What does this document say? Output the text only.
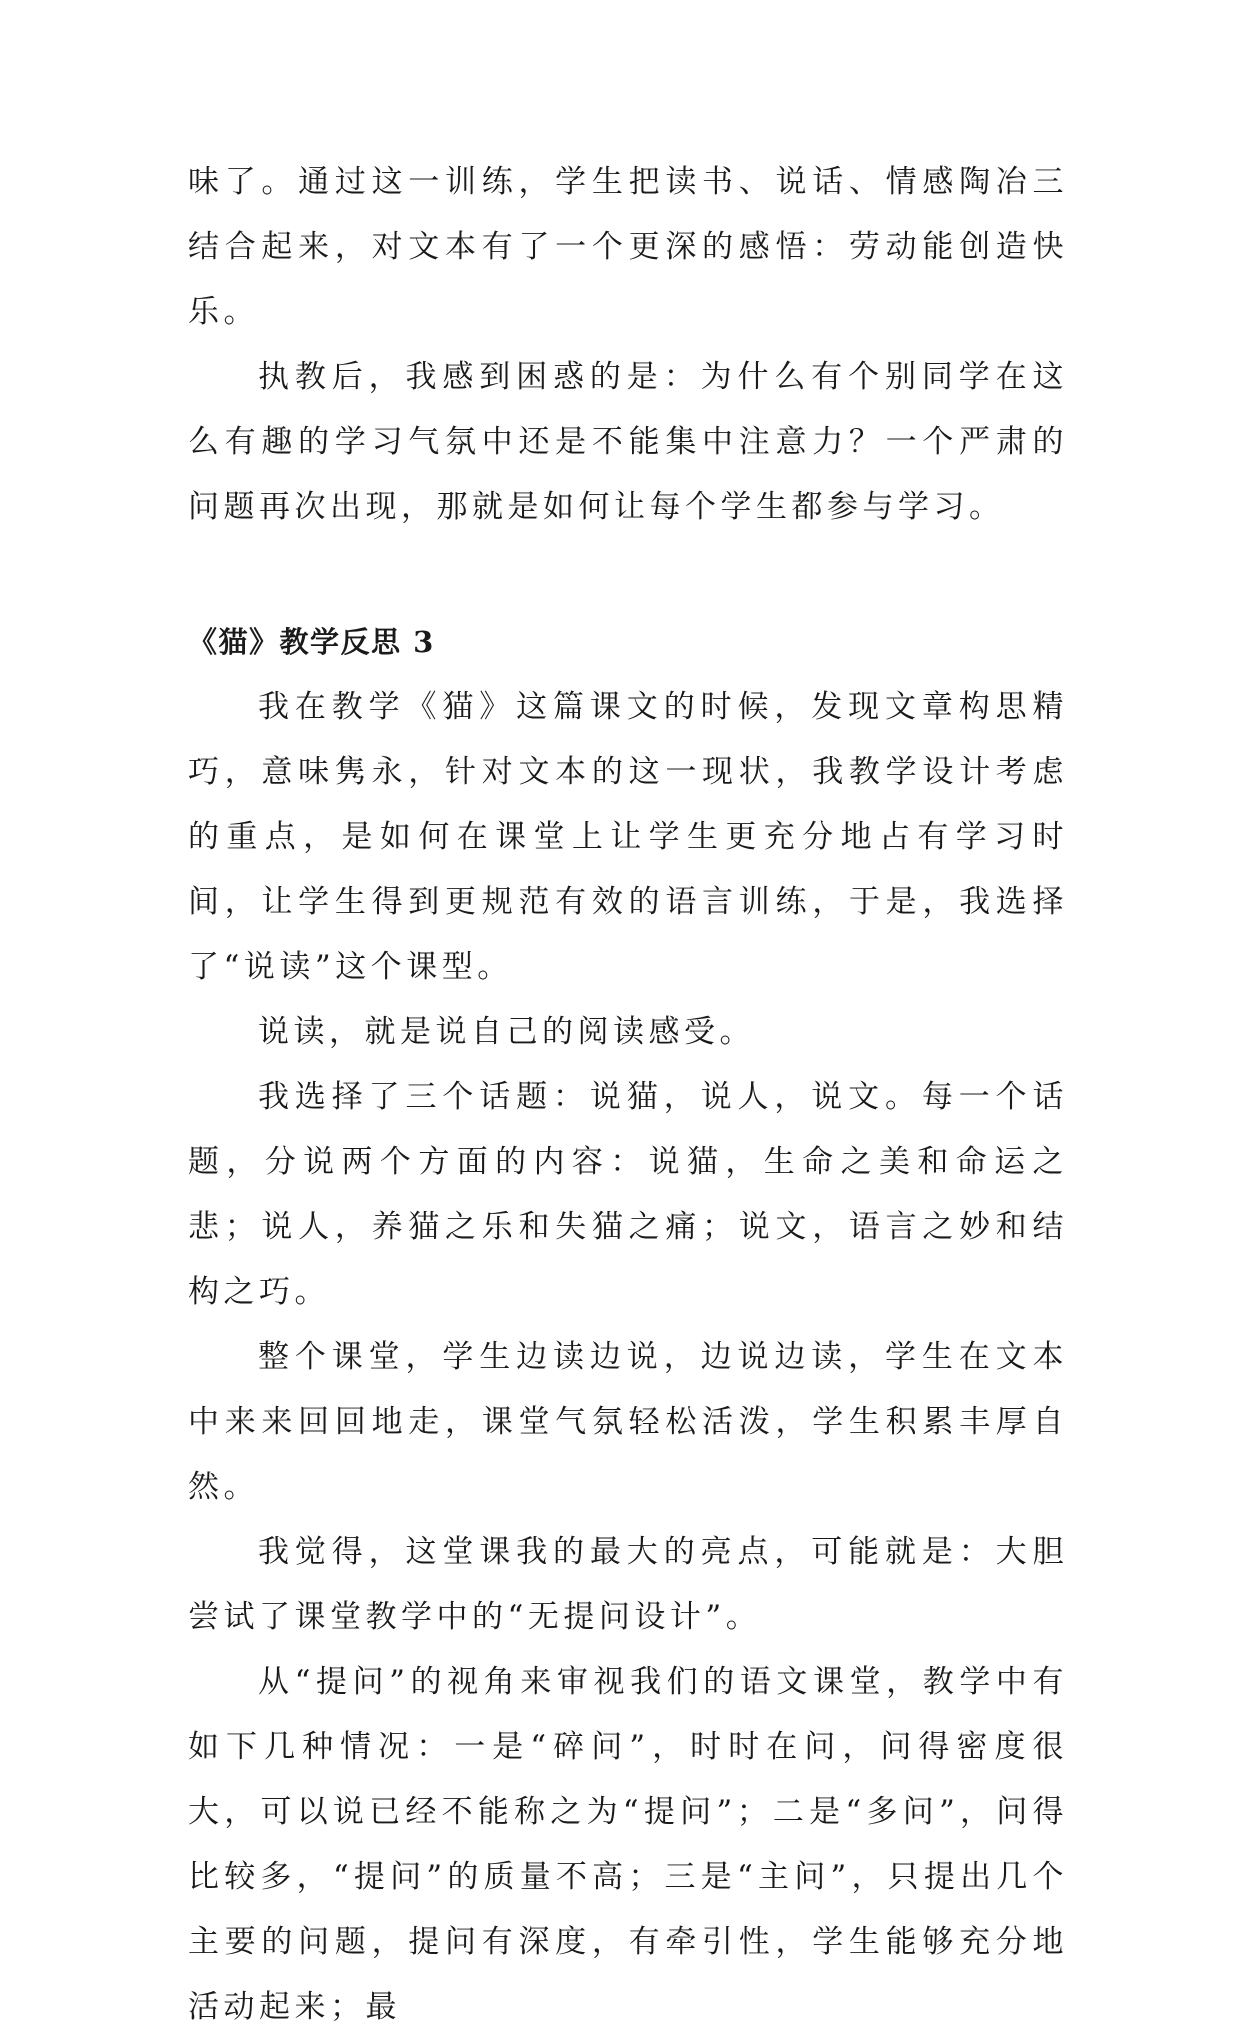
味了。通过这一训练，学生把读书、说话、情感陶冶三结合起来，对文本有了一个更深的感悟：劳动能创造快乐。

执教后，我感到困惑的是：为什么有个别同学在这么有趣的学习气氛中还是不能集中注意力？一个严肃的问题再次出现，那就是如何让每个学生都参与学习。

《猫》教学反思 3

我在教学《猫》这篇课文的时候，发现文章构思精巧，意味隽永，针对文本的这一现状，我教学设计考虑的重点，是如何在课堂上让学生更充分地占有学习时间，让学生得到更规范有效的语言训练，于是，我选择了“说读”这个课型。

说读，就是说自己的阅读感受。

我选择了三个话题：说猫，说人，说文。每一个话题，分说两个方面的内容：说猫，生命之美和命运之悲；说人，养猫之乐和失猫之痛；说文，语言之妙和结构之巧。

整个课堂，学生边读边说，边说边读，学生在文本中来来回回地走，课堂气氛轻松活泼，学生积累丰厚自然。

我觉得，这堂课我的最大的亮点，可能就是：大胆尝试了课堂教学中的“无提问设计”。

从“提问”的视角来审视我们的语文课堂，教学中有如下几种情况：一是“碎问”，时时在问，问得密度很大，可以说已经不能称之为“提问”；二是“多问”，问得比较多，“提问”的质量不高；三是“主问”，只提出几个主要的问题，提问有深度，有牵引性，学生能够充分地活动起来；最
